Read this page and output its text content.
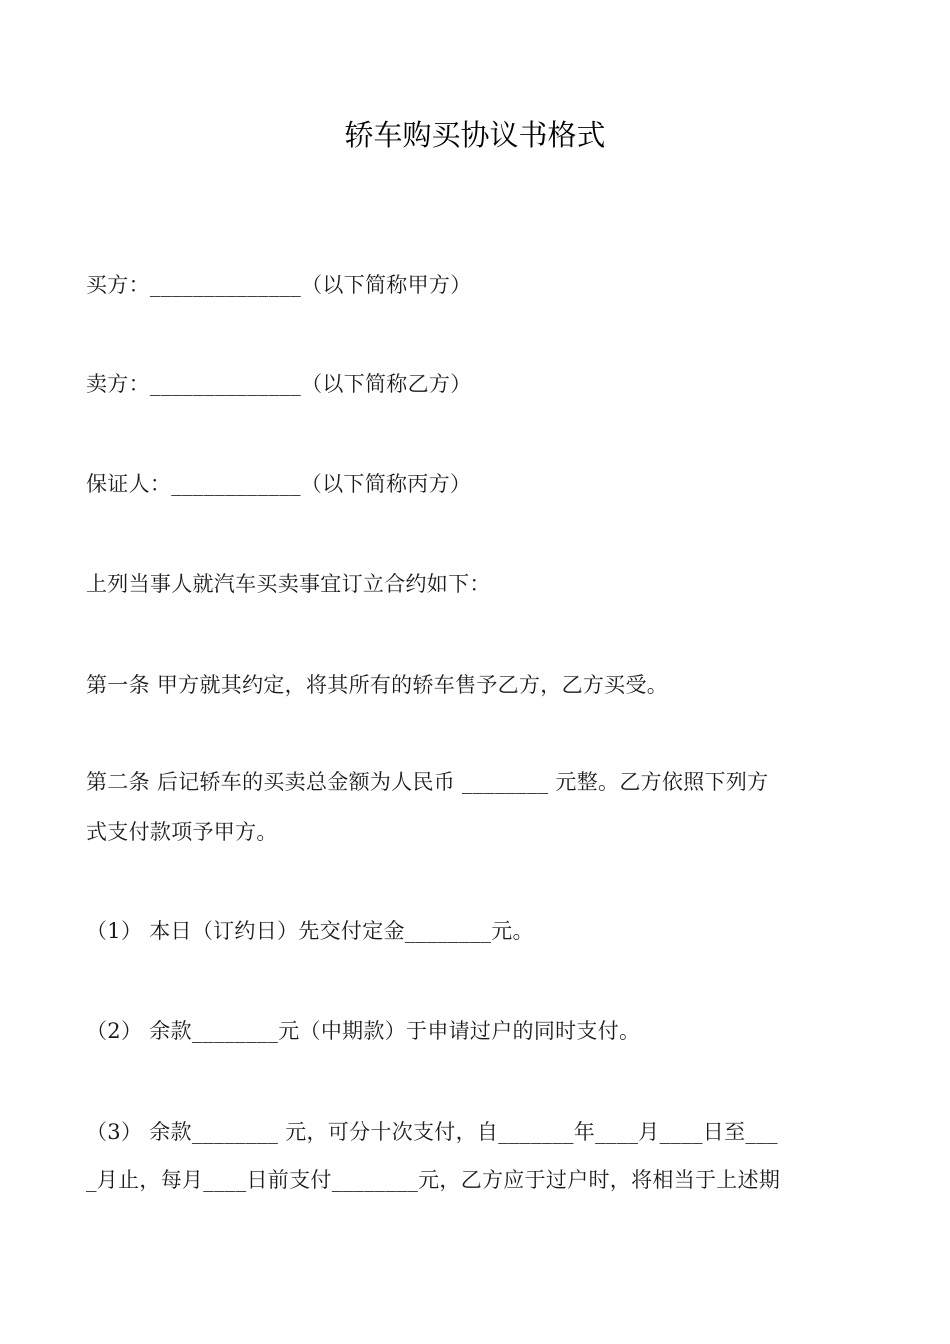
轿车购买协议书格式
买方：______________（以下简称甲方）
卖方：______________（以下简称乙方）
保证人：____________（以下简称丙方）
上列当事人就汽车买卖事宜订立合约如下：
第一条 甲方就其约定，将其所有的轿车售予乙方，乙方买受。
第二条 后记轿车的买卖总金额为人民币 ________ 元整。乙方依照下列方
式支付款项予甲方。
（1） 本日（订约日）先交付定金________元。
（2） 余款________元（中期款）于申请过户的同时支付。
（3） 余款________ 元，可分十次支付，自_______年____月____日至___
_月止，每月____日前支付________元，乙方应于过户时，将相当于上述期
